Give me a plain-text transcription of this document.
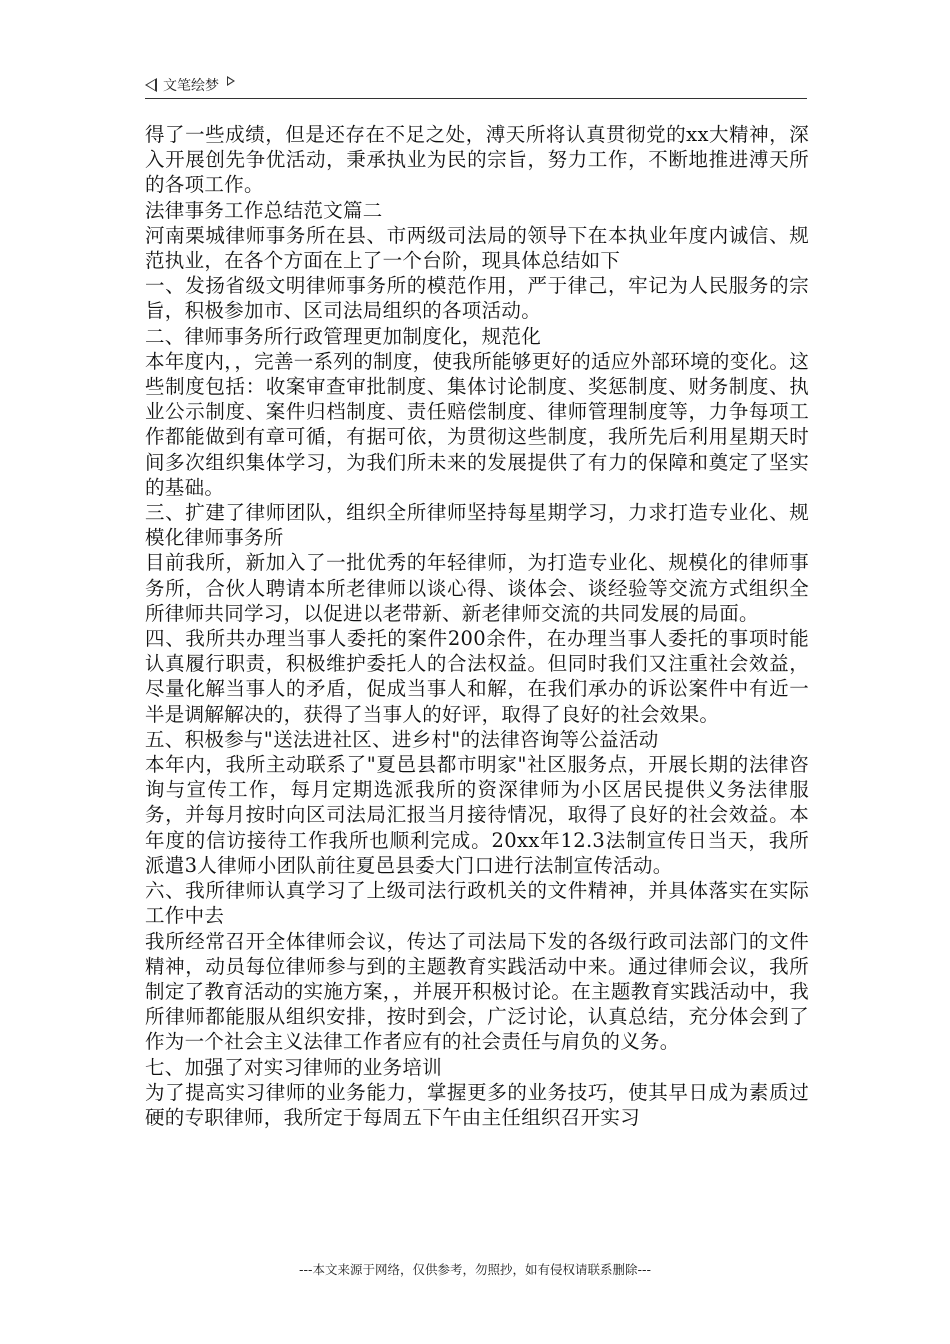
文笔绘梦

得了一些成绩，但是还存在不足之处，溥天所将认真贯彻党的xx大精神，深入开展创先争优活动，秉承执业为民的宗旨，努力工作，不断地推进溥天所的各项工作。

法律事务工作总结范文篇二

河南栗城律师事务所在县、市两级司法局的领导下在本执业年度内诚信、规范执业，在各个方面在上了一个台阶，现具体总结如下

一、发扬省级文明律师事务所的模范作用，严于律己，牢记为人民服务的宗旨，积极参加市、区司法局组织的各项活动。

二、律师事务所行政管理更加制度化，规范化

本年度内，，完善一系列的制度，使我所能够更好的适应外部环境的变化。这些制度包括：收案审查审批制度、集体讨论制度、奖惩制度、财务制度、执业公示制度、案件归档制度、责任赔偿制度、律师管理制度等，力争每项工作都能做到有章可循，有据可依，为贯彻这些制度，我所先后利用星期天时间多次组织集体学习，为我们所未来的发展提供了有力的保障和奠定了坚实的基础。

三、扩建了律师团队，组织全所律师坚持每星期学习，力求打造专业化、规模化律师事务所

目前我所，新加入了一批优秀的年轻律师，为打造专业化、规模化的律师事务所，合伙人聘请本所老律师以谈心得、谈体会、谈经验等交流方式组织全所律师共同学习，以促进以老带新、新老律师交流的共同发展的局面。

四、我所共办理当事人委托的案件200余件，在办理当事人委托的事项时能认真履行职责，积极维护委托人的合法权益。但同时我们又注重社会效益，尽量化解当事人的矛盾，促成当事人和解，在我们承办的诉讼案件中有近一半是调解解决的，获得了当事人的好评，取得了良好的社会效果。

五、积极参与"送法进社区、进乡村"的法律咨询等公益活动

本年内，我所主动联系了"夏邑县都市明家"社区服务点，开展长期的法律咨询与宣传工作，每月定期选派我所的资深律师为小区居民提供义务法律服务，并每月按时向区司法局汇报当月接待情况，取得了良好的社会效益。本年度的信访接待工作我所也顺利完成。20xx年12.3法制宣传日当天，我所派遣3人律师小团队前往夏邑县委大门口进行法制宣传活动。

六、我所律师认真学习了上级司法行政机关的文件精神，并具体落实在实际工作中去

我所经常召开全体律师会议，传达了司法局下发的各级行政司法部门的文件精神，动员每位律师参与到的主题教育实践活动中来。通过律师会议，我所制定了教育活动的实施方案，，并展开积极讨论。在主题教育实践活动中，我所律师都能服从组织安排，按时到会，广泛讨论，认真总结，充分体会到了作为一个社会主义法律工作者应有的社会责任与肩负的义务。

七、加强了对实习律师的业务培训

为了提高实习律师的业务能力，掌握更多的业务技巧，使其早日成为素质过硬的专职律师，我所定于每周五下午由主任组织召开实习

---本文来源于网络，仅供参考，勿照抄，如有侵权请联系删除---
